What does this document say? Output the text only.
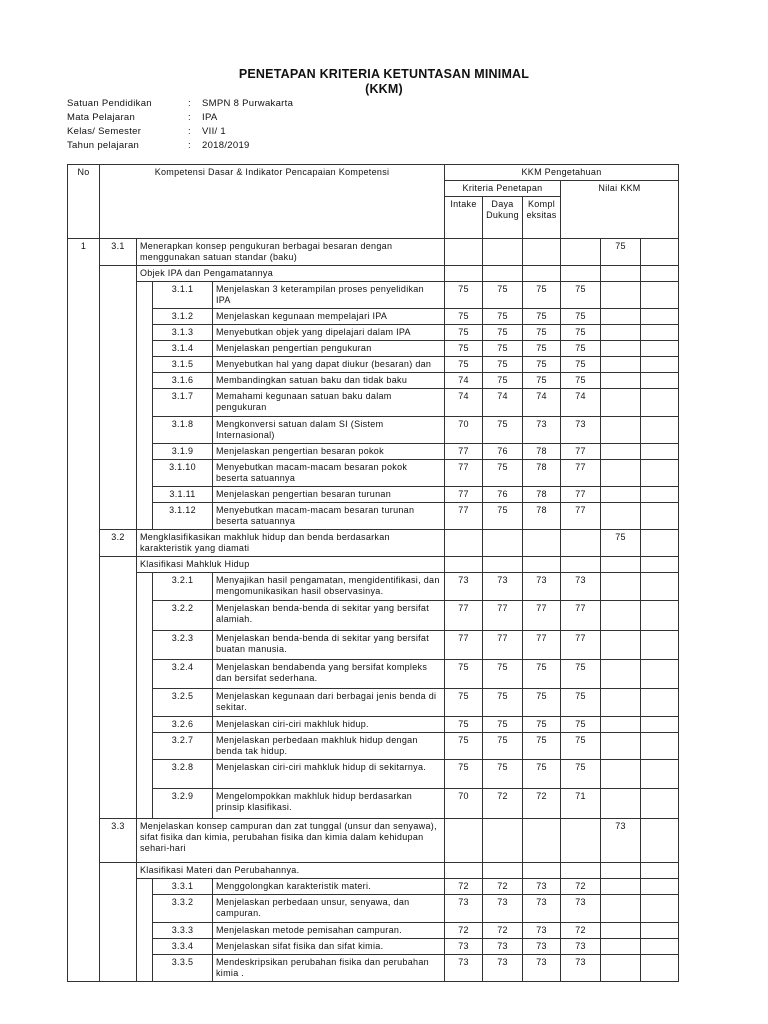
PENETAPAN KRITERIA KETUNTASAN MINIMAL
(KKM)
Satuan Pendidikan	: SMPN 8 Purwakarta
Mata Pelajaran	: IPA
Kelas/ Semester	: VII/ 1
Tahun pelajaran	: 2018/2019
No	Kompetensi Dasar & Indikator Pencapaian Kompetensi				KKM Pengetahuan					
					Kriteria Penetapan			Nilai KKM		
					Intake	Daya Dukung	Kompl eksitas			
1	3.1	Menerapkan konsep pengukuran berbagai besaran dengan menggunakan satuan standar (baku)							75	
		Objek IPA dan Pengamatannya								
			3.1.1	Menjelaskan 3 keterampilan proses penyelidikan IPA	75	75	75	75		
			3.1.2	Menjelaskan kegunaan mempelajari IPA	75	75	75	75		
			3.1.3	Menyebutkan objek yang dipelajari dalam IPA	75	75	75	75		
			3.1.4	Menjelaskan pengertian pengukuran	75	75	75	75		
			3.1.5	Menyebutkan hal yang dapat diukur (besaran) dan	75	75	75	75		
			3.1.6	Membandingkan satuan baku dan tidak baku	74	75	75	75		
			3.1.7	Memahami kegunaan satuan baku dalam pengukuran	74	74	74	74		
			3.1.8	Mengkonversi satuan dalam SI (Sistem Internasional)	70	75	73	73		
			3.1.9	Menjelaskan pengertian besaran pokok	77	76	78	77		
			3.1.10	Menyebutkan macam-macam besaran pokok beserta satuannya	77	75	78	77		
			3.1.11	Menjelaskan pengertian besaran turunan	77	76	78	77		
			3.1.12	Menyebutkan macam-macam besaran turunan beserta satuannya	77	75	78	77		
	3.2	Mengklasifikasikan makhluk hidup dan benda berdasarkan karakteristik yang diamati							75	
		Klasifikasi Mahkluk Hidup								
			3.2.1	Menyajikan hasil pengamatan, mengidentifikasi, dan mengomunikasikan hasil observasinya.	73	73	73	73		
			3.2.2	Menjelaskan benda-benda di sekitar yang bersifat alamiah.	77	77	77	77		
			3.2.3	Menjelaskan benda-benda di sekitar yang bersifat buatan manusia.	77	77	77	77		
			3.2.4	Menjelaskan bendabenda yang bersifat kompleks dan bersifat sederhana.	75	75	75	75		
			3.2.5	Menjelaskan kegunaan dari berbagai jenis benda di sekitar.	75	75	75	75		
			3.2.6	Menjelaskan ciri-ciri makhluk hidup.	75	75	75	75		
			3.2.7	Menjelaskan perbedaan makhluk hidup dengan benda tak hidup.	75	75	75	75		
			3.2.8	Menjelaskan ciri-ciri mahkluk hidup di sekitarnya.	75	75	75	75		
			3.2.9	Mengelompokkan makhluk hidup berdasarkan prinsip klasifikasi.	70	72	72	71		
	3.3	Menjelaskan konsep campuran dan zat tunggal (unsur dan senyawa), sifat fisika dan kimia, perubahan fisika dan kimia dalam kehidupan sehari-hari							73	
		Klasifikasi Materi dan Perubahannya.								
			3.3.1	Menggolongkan karakteristik materi.	72	72	73	72		
			3.3.2	Menjelaskan perbedaan unsur, senyawa, dan campuran.	73	73	73	73		
			3.3.3	Menjelaskan metode pemisahan campuran.	72	72	73	72		
			3.3.4	Menjelaskan sifat fisika dan sifat kimia.	73	73	73	73		
			3.3.5	Mendeskripsikan perubahan fisika dan perubahan kimia .	73	73	73	73		
